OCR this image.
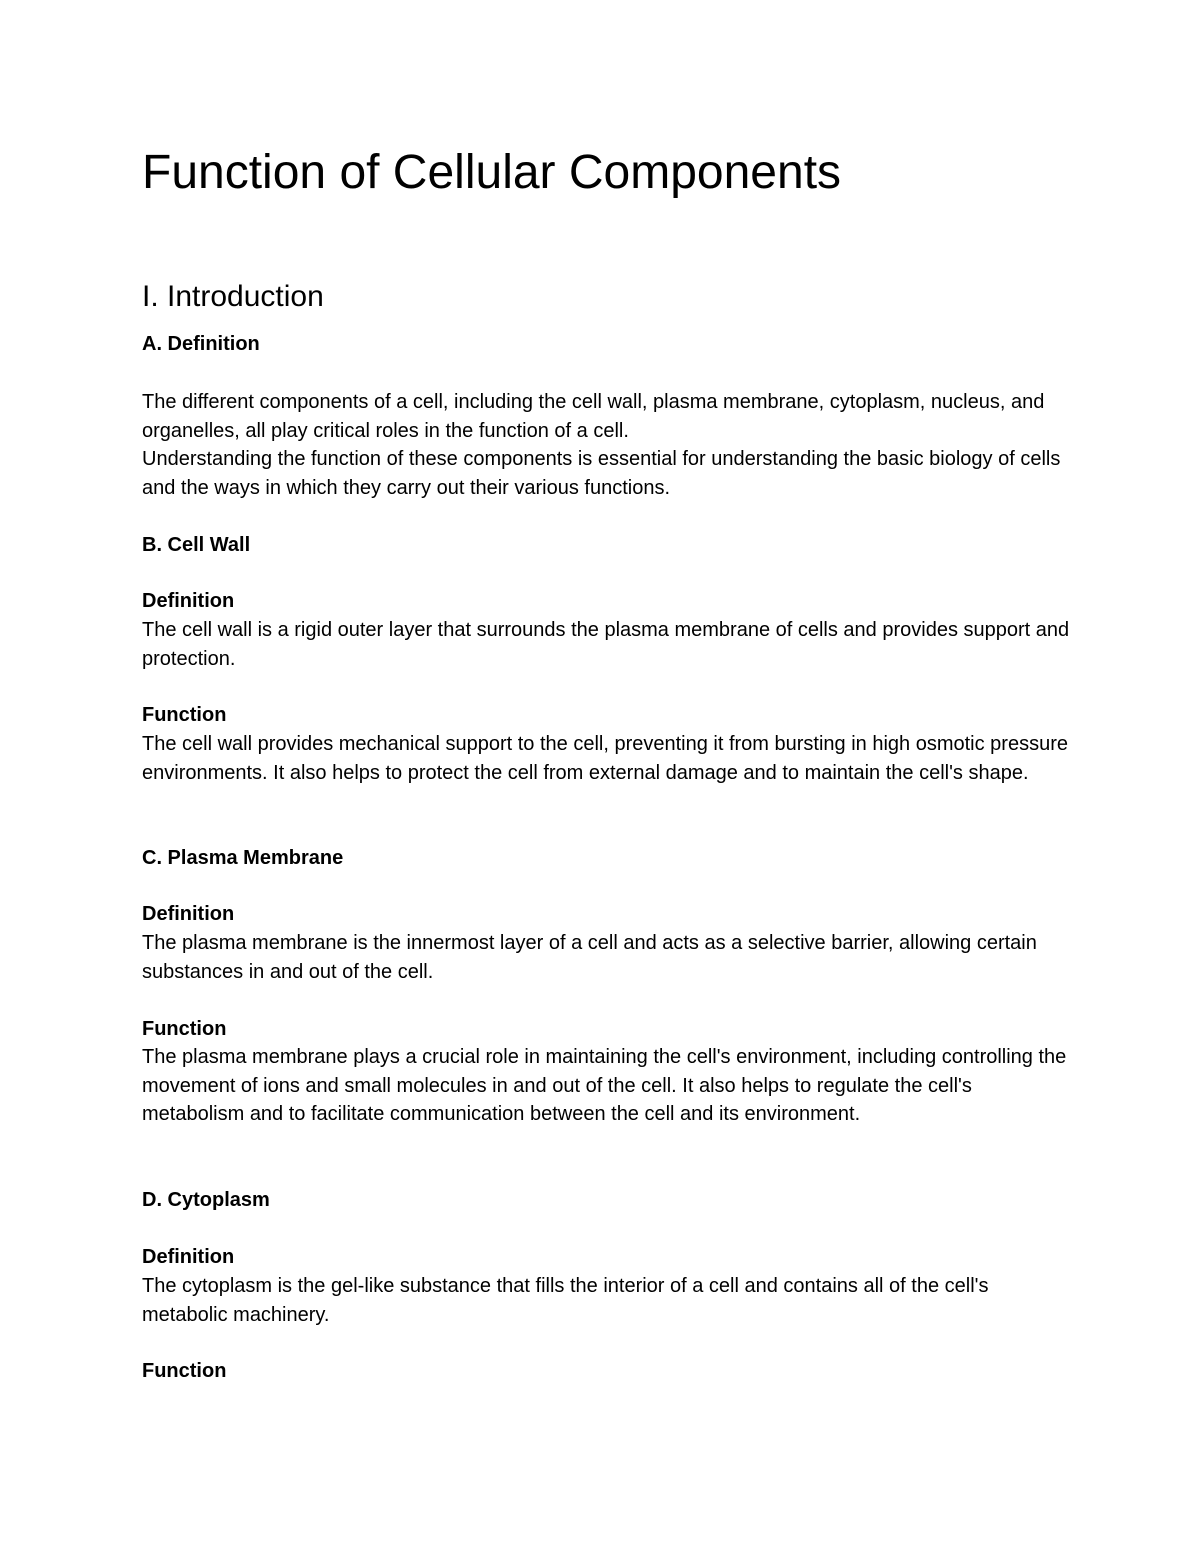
Function of Cellular Components
I. Introduction
A. Definition

The different components of a cell, including the cell wall, plasma membrane, cytoplasm, nucleus, and organelles, all play critical roles in the function of a cell.

Understanding the function of these components is essential for understanding the basic biology of cells and the ways in which they carry out their various functions.

B. Cell Wall
Definition

The cell wall is a rigid outer layer that surrounds the plasma membrane of cells and provides support and protection.

Function

The cell wall provides mechanical support to the cell, preventing it from bursting in high osmotic pressure environments. It also helps to protect the cell from external damage and to maintain the cell's shape.

C. Plasma Membrane
Definition

The plasma membrane is the innermost layer of a cell and acts as a selective barrier, allowing certain substances in and out of the cell.

Function

The plasma membrane plays a crucial role in maintaining the cell's environment, including controlling the movement of ions and small molecules in and out of the cell. It also helps to regulate the cell's metabolism and to facilitate communication between the cell and its environment.

D. Cytoplasm
Definition

The cytoplasm is the gel-like substance that fills the interior of a cell and contains all of the cell's metabolic machinery.

Function
